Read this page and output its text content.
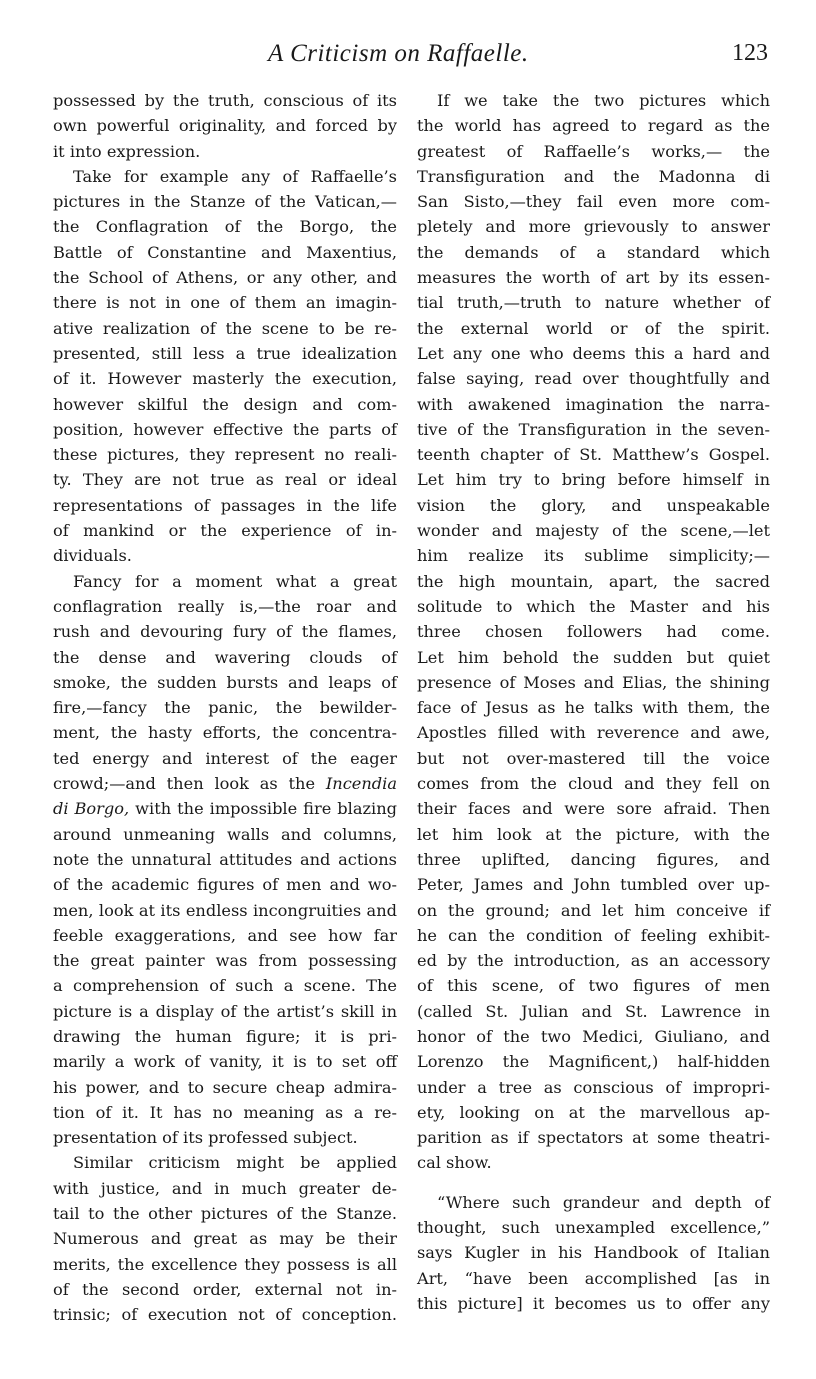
A Criticism on Raffaelle.	123
possessed by the truth, conscious of its
own powerful originality, and forced by
it into expression.
Take for example any of Raffaelle’s
pictures in the Stanze of the Vatican,—
the Conflagration of the Borgo, the
Battle of Constantine and Maxentius,
the School of Athens, or any other, and
there is not in one of them an imagin-
ative realization of the scene to be re-
presented, still less a true idealization
of it. However masterly the execution,
however skilful the design and com-
position, however effective the parts of
these pictures, they represent no reali-
ty. They are not true as real or ideal
representations of passages in the life
of mankind or the experience of in-
dividuals.
Fancy for a moment what a great
conflagration really is,—the roar and
rush and devouring fury of the flames,
the dense and wavering clouds of
smoke, the sudden bursts and leaps of
fire,—fancy the panic, the bewilder-
ment, the hasty efforts, the concentra-
ted energy and interest of the eager
crowd;—and then look as the Incendia
di Borgo, with the impossible fire blazing
around unmeaning walls and columns,
note the unnatural attitudes and actions
of the academic figures of men and wo-
men, look at its endless incongruities and
feeble exaggerations, and see how far
the great painter was from possessing
a comprehension of such a scene. The
picture is a display of the artist’s skill in
drawing the human figure; it is pri-
marily a work of vanity, it is to set off
his power, and to secure cheap admira-
tion of it. It has no meaning as a re-
presentation of its professed subject.
Similar criticism might be applied
with justice, and in much greater de-
tail to the other pictures of the Stanze.
Numerous and great as may be their
merits, the excellence they possess is all
of the second order, external not in-
trinsic; of execution not of conception.
If we take the two pictures which
the world has agreed to regard as the
greatest of Raffaelle’s works,— the
Transfiguration and the Madonna di
San Sisto,—they fail even more com-
pletely and more grievously to answer
the demands of a standard which
measures the worth of art by its essen-
tial truth,—truth to nature whether of
the external world or of the spirit.
Let any one who deems this a hard and
false saying, read over thoughtfully and
with awakened imagination the narra-
tive of the Transfiguration in the seven-
teenth chapter of St. Matthew’s Gospel.
Let him try to bring before himself in
vision the glory, and unspeakable
wonder and majesty of the scene,—let
him realize its sublime simplicity;—
the high mountain, apart, the sacred
solitude to which the Master and his
three chosen followers had come.
Let him behold the sudden but quiet
presence of Moses and Elias, the shining
face of Jesus as he talks with them, the
Apostles filled with reverence and awe,
but not over-mastered till the voice
comes from the cloud and they fell on
their faces and were sore afraid. Then
let him look at the picture, with the
three uplifted, dancing figures, and
Peter, James and John tumbled over up-
on the ground; and let him conceive if
he can the condition of feeling exhibit-
ed by the introduction, as an accessory
of this scene, of two figures of men
(called St. Julian and St. Lawrence in
honor of the two Medici, Giuliano, and
Lorenzo the Magnificent,) half-hidden
under a tree as conscious of impropri-
ety, looking on at the marvellous ap-
parition as if spectators at some theatri-
cal show.
“Where such grandeur and depth of
thought, such unexampled excellence,”
says Kugler in his Handbook of Italian
Art, “have been accomplished [as in
this picture] it becomes us to offer any
